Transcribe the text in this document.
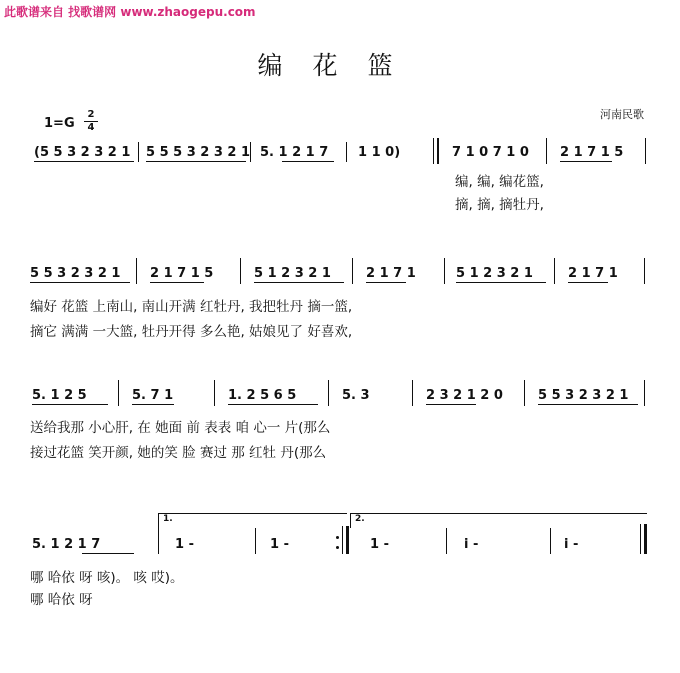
此歌谱来自 找歌谱网 www.zhaogepu.com
编花篮
1=G
2
4
河南民歌
(5 5 3 2 3 2 1 5 5 5 3 2 3 2 1 5. 1 2 1 7 1 1 0)	7 1 0 7 1 0 2 1 7 1 5
编, 编, 编花篮,
摘, 摘, 摘牡丹,
5 5 3 2 3 2 1 2 1 7 1 5	5 1 2 3 2 1	2 1 7 1	5 1 2 3 2 1	2 1 7 1
编好 花篮 上南山, 南山开满 红牡丹, 我把牡丹 摘一篮,
摘它 满满 一大篮, 牡丹开得 多么艳, 姑娘见了 好喜欢,
5. 1 2 5	5. 7 1	1. 2 5 6 5	5. 3	2 3 2 1 2 0	5 5 3 2 3 2 1
送给我那 小心肝, 在 她面 前 表表 咱 心一 片(那么
接过花篮 笑开颜, 她的笑 脸 赛过 那 红牡 丹(那么
1.	2.
5. 1 2 1 7	1 -	1 -	1 -	i -	i -
哪 哈依 呀 咳)。 咳 哎)。
哪 哈依 呀
